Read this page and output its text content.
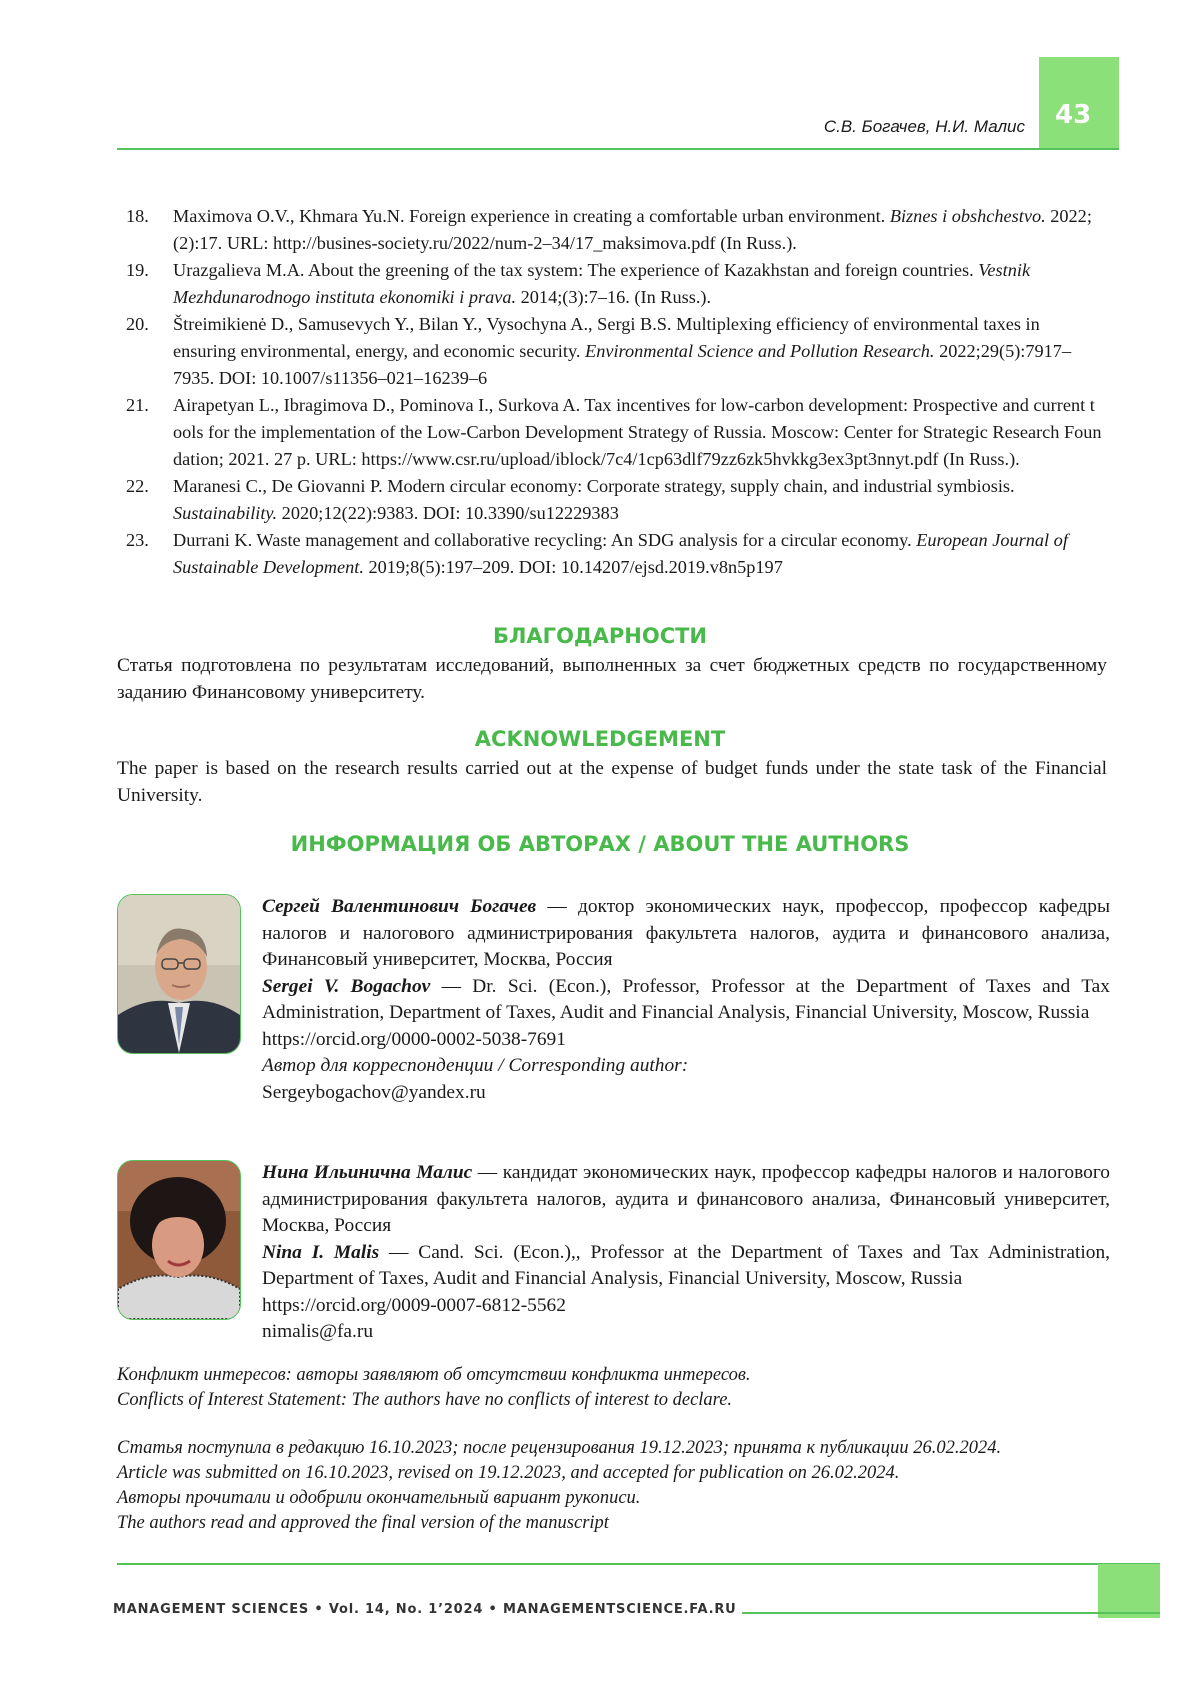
43
С.В. Богачев, Н.И. Малис
18. Maximova O.V., Khmara Yu.N. Foreign experience in creating a comfortable urban environment. Biznes i obshchestvo. 2022;(2):17. URL: http://busines-society.ru/2022/num-2–34/17_maksimova.pdf (In Russ.).
19. Urazgalieva M.A. About the greening of the tax system: The experience of Kazakhstan and foreign countries. Vestnik Mezhdunarodnogo instituta ekonomiki i prava. 2014;(3):7–16. (In Russ.).
20. Štreimikienė D., Samusevych Y., Bilan Y., Vysochyna A., Sergi B.S. Multiplexing efficiency of environmental taxes in ensuring environmental, energy, and economic security. Environmental Science and Pollution Research. 2022;29(5):7917–7935. DOI: 10.1007/s11356–021–16239–6
21. Airapetyan L., Ibragimova D., Pominova I., Surkova A. Tax incentives for low-carbon development: Prospective and current tools for the implementation of the Low-Carbon Development Strategy of Russia. Moscow: Center for Strategic Research Foundation; 2021. 27 p. URL: https://www.csr.ru/upload/iblock/7c4/1cp63dlf79zz6zk5hvkkg3ex3pt3nnyt.pdf (In Russ.).
22. Maranesi C., De Giovanni P. Modern circular economy: Corporate strategy, supply chain, and industrial symbiosis. Sustainability. 2020;12(22):9383. DOI: 10.3390/su12229383
23. Durrani K. Waste management and collaborative recycling: An SDG analysis for a circular economy. European Journal of Sustainable Development. 2019;8(5):197–209. DOI: 10.14207/ejsd.2019.v8n5p197
БЛАГОДАРНОСТИ
Статья подготовлена по результатам исследований, выполненных за счет бюджетных средств по государственному заданию Финансовому университету.
ACKNOWLEDGEMENT
The paper is based on the research results carried out at the expense of budget funds under the state task of the Financial University.
ИНФОРМАЦИЯ ОБ АВТОРАХ / ABOUT THE AUTHORS
Сергей Валентинович Богачев — доктор экономических наук, профессор, профессор кафедры налогов и налогового администрирования факультета налогов, аудита и финансового анализа, Финансовый университет, Москва, Россия
Sergei V. Bogachov — Dr. Sci. (Econ.), Professor, Professor at the Department of Taxes and Tax Administration, Department of Taxes, Audit and Financial Analysis, Financial University, Moscow, Russia
https://orcid.org/0000-0002-5038-7691
Автор для корреспонденции / Corresponding author:
Sergeybogachov@yandex.ru
Нина Ильинична Малис — кандидат экономических наук, профессор кафедры налогов и налогового администрирования факультета налогов, аудита и финансового анализа, Финансовый университет, Москва, Россия
Nina I. Malis — Cand. Sci. (Econ.),, Professor at the Department of Taxes and Tax Administration, Department of Taxes, Audit and Financial Analysis, Financial University, Moscow, Russia
https://orcid.org/0009-0007-6812-5562
nimalis@fa.ru
Конфликт интересов: авторы заявляют об отсутствии конфликта интересов.
Conflicts of Interest Statement: The authors have no conflicts of interest to declare.
Статья поступила в редакцию 16.10.2023; после рецензирования 19.12.2023; принята к публикации 26.02.2024.
Article was submitted on 16.10.2023, revised on 19.12.2023, and accepted for publication on 26.02.2024.
Авторы прочитали и одобрили окончательный вариант рукописи.
The authors read and approved the final version of the manuscript
MANAGEMENT SCIENCES • Vol. 14, No. 1’2024 • MANAGEMENTSCIENCE.FA.RU
